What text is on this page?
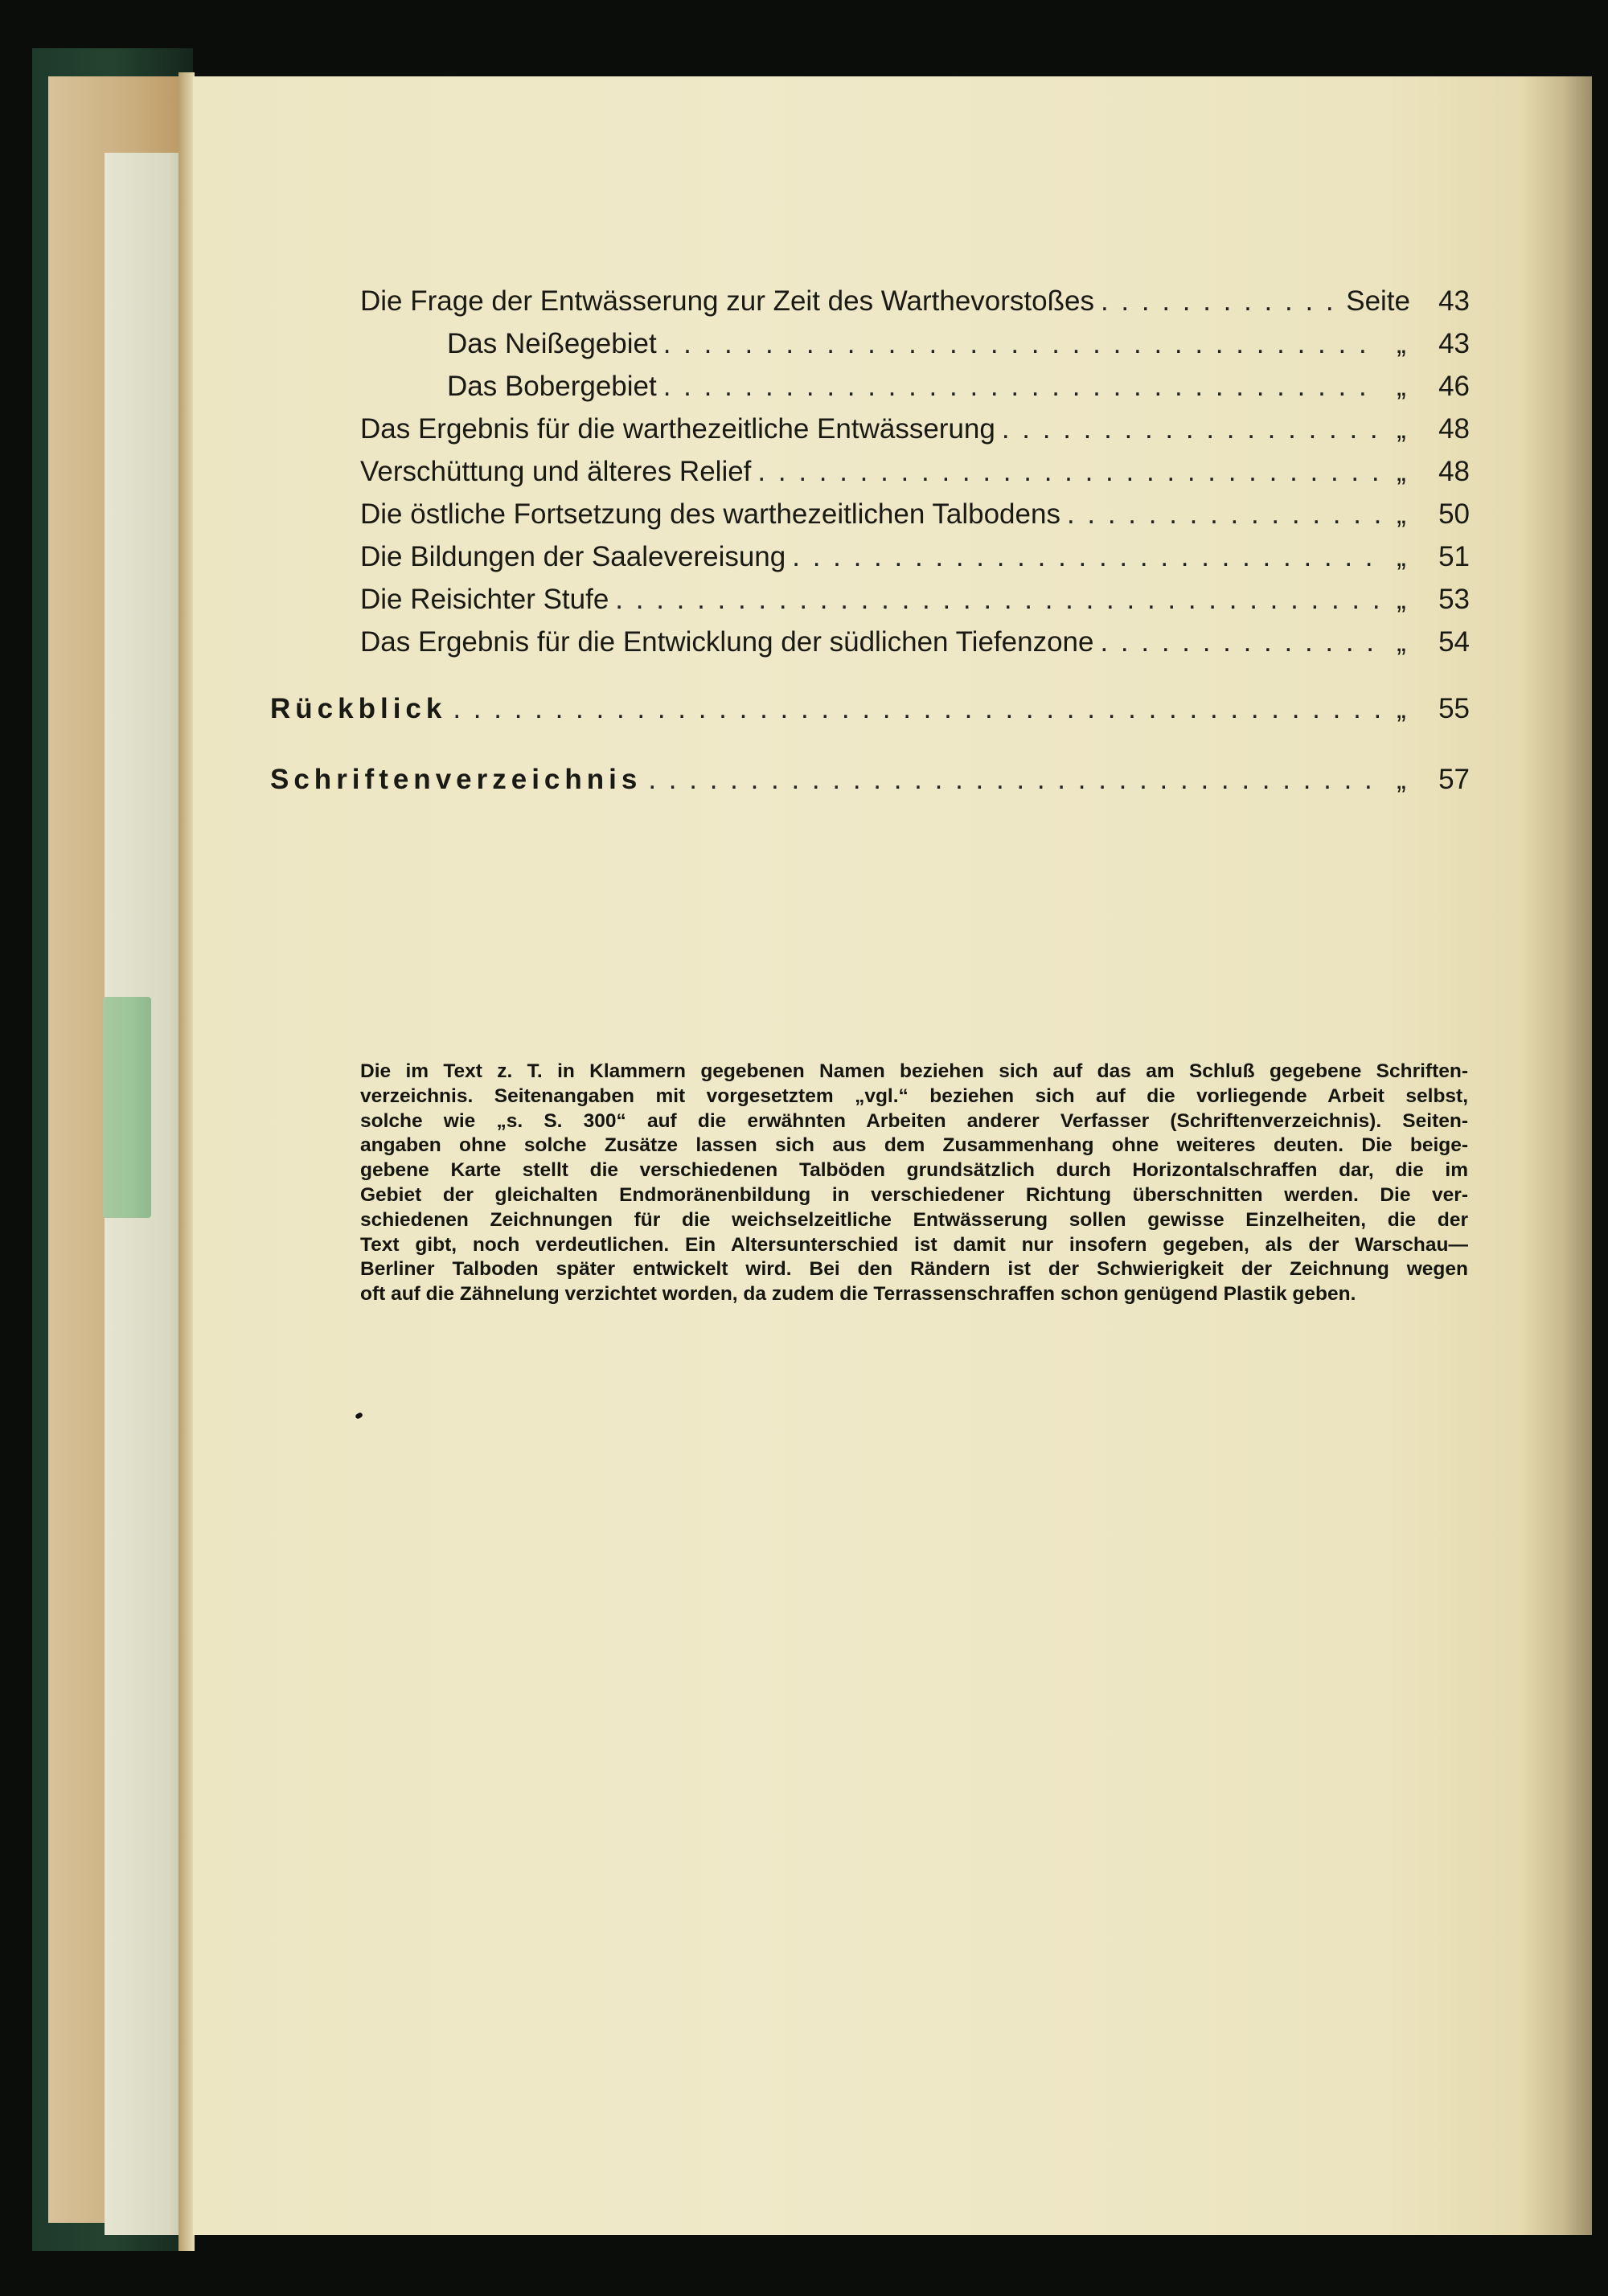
Die Frage der Entwässerung zur Zeit des Warthevorstoßes . . .	Seite	43
Das Neißegebiet . . .	„	43
Das Bobergebiet . . .	„	46
Das Ergebnis für die warthezeitliche Entwässerung . . .	„	48
Verschüttung und älteres Relief . . .	„	48
Die östliche Fortsetzung des warthezeitlichen Talbodens . . .	„	50
Die Bildungen der Saalevereisung . . .	„	51
Die Reisichter Stufe . . .	„	53
Das Ergebnis für die Entwicklung der südlichen Tiefenzone . . .	„	54
Rückblick . . .	„	55
Schriftenverzeichnis . . .	„	57
Die im Text z. T. in Klammern gegebenen Namen beziehen sich auf das am Schluß gegebene Schriften-
verzeichnis. Seitenangaben mit vorgesetztem „vgl.“ beziehen sich auf die vorliegende Arbeit selbst,
solche wie „s. S. 300“ auf die erwähnten Arbeiten anderer Verfasser (Schriftenverzeichnis). Seiten-
angaben ohne solche Zusätze lassen sich aus dem Zusammenhang ohne weiteres deuten. Die beige-
gebene Karte stellt die verschiedenen Talböden grundsätzlich durch Horizontalschraffen dar, die im
Gebiet der gleichalten Endmoränenbildung in verschiedener Richtung überschnitten werden. Die ver-
schiedenen Zeichnungen für die weichselzeitliche Entwässerung sollen gewisse Einzelheiten, die der
Text gibt, noch verdeutlichen. Ein Altersunterschied ist damit nur insofern gegeben, als der Warschau—
Berliner Talboden später entwickelt wird. Bei den Rändern ist der Schwierigkeit der Zeichnung wegen
oft auf die Zähnelung verzichtet worden, da zudem die Terrassenschraffen schon genügend Plastik geben.
